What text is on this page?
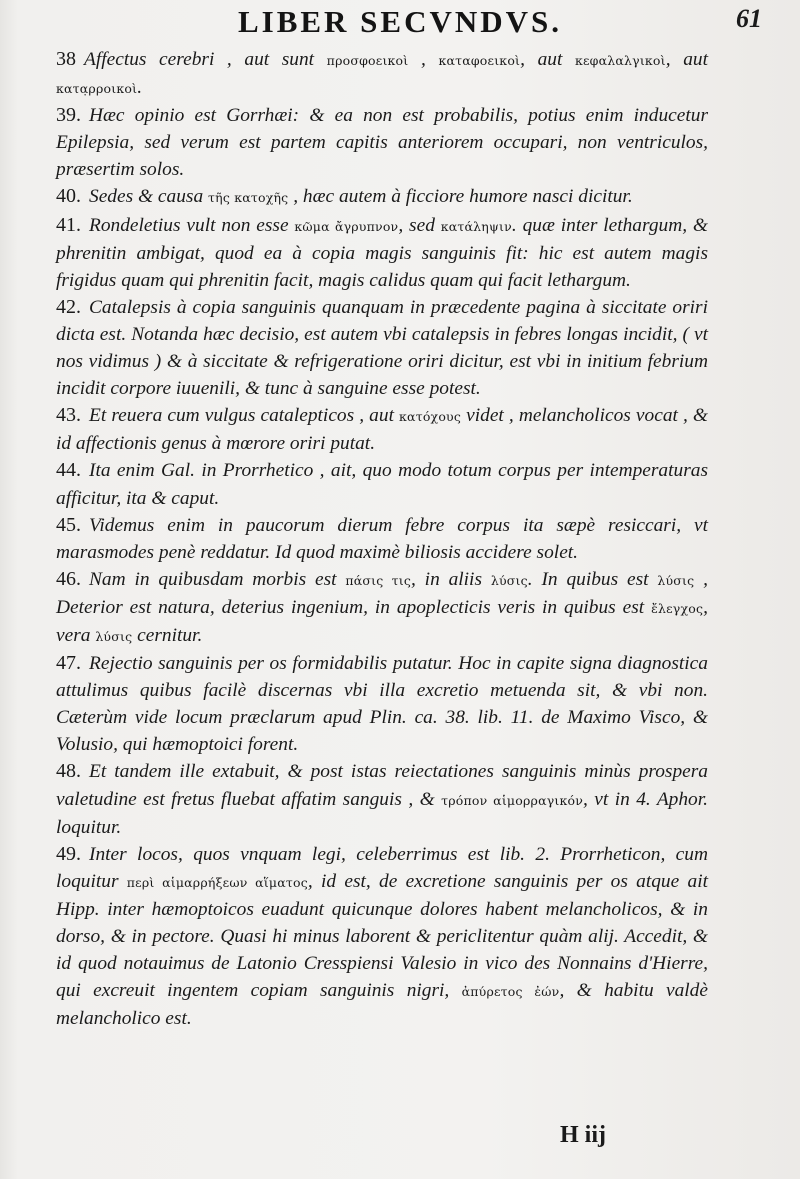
LIBER SECVNDVS.	61

38 Affectus cerebri , aut sunt προσφοεικοὶ , καταφοεικοὶ, aut κεφαλαλγικοὶ, aut κατα̣ρροικοὶ.

39. Hæc opinio est Gorrhæi: & ea non est probabilis, potius enim inducetur Epilepsia, sed verum est partem capitis anteriorem occupari, non ventriculos, præsertim solos.

40. Sedes & causa τῆς κατοχῆς , hæc autem à ficciore humore nasci dicitur.

41. Rondeletius vult non esse κῶμα ἄγρυπνον, sed κατάληψιν. quæ inter lethargum, & phrenitin ambigat, quod ea à copia magis sanguinis fit: hic est autem magis frigidus quam qui phrenitin facit, magis calidus quam qui facit lethargum.

42. Catalepsis à copia sanguinis quanquam in præcedente pagina à siccitate oriri dicta est. Notanda hæc decisio, est autem vbi catalepsis in febres longas incidit, ( vt nos vidimus ) & à siccitate & refrigeratione oriri dicitur, est vbi in initium febrium incidit corpore iuuenili, & tunc à sanguine esse potest.

43. Et reuera cum vulgus catalepticos , aut κατόχους videt , melancholicos vocat , & id affectionis genus à mœrore oriri putat.

44. Ita enim Gal. in Prorrhetico , ait, quo modo totum corpus per intemperaturas afficitur, ita & caput.

45. Videmus enim in paucorum dierum febre corpus ita sæpè resiccari, vt marasmodes penè reddatur. Id quod maximè biliosis accidere solet.

46. Nam in quibusdam morbis est πάσις τις, in aliis λύσις. In quibus est λύσις , Deterior est natura, deterius ingenium, in apoplecticis veris in quibus est ἔλεγχος, vera λύσις cernitur.

47. Rejectio sanguinis per os formidabilis putatur. Hoc in capite signa diagnostica attulimus quibus facilè discernas vbi illa excretio metuenda sit, & vbi non. Cæterùm vide locum præclarum apud Plin. ca. 38. lib. 11. de Maximo Visco, & Volusio, qui hæmoptoici forent.

48. Et tandem ille extabuit, & post istas reiectationes sanguinis minùs prospera valetudine est fretus fluebat affatim sanguis , & τρόπον αἱμορραγικόν, vt in 4. Aphor. loquitur.

49. Inter locos, quos vnquam legi, celeberrimus est lib. 2. Prorrheticon, cum loquitur περὶ αἱμαρρήξεων αἵματος, id est, de excretione sanguinis per os atque ait Hipp. inter hæmoptoicos euadunt quicunque dolores habent melancholicos, & in dorso, & in pectore. Quasi hi minus laborent & periclitentur quàm alij. Accedit, & id quod notauimus de Latonio Cresspiensi Valesio in vico des Nonnains d'Hierre, qui excreuit ingentem copiam sanguinis nigri, ἀπύρετος ἐών, & habitu valdè melancholico est.

H iij
